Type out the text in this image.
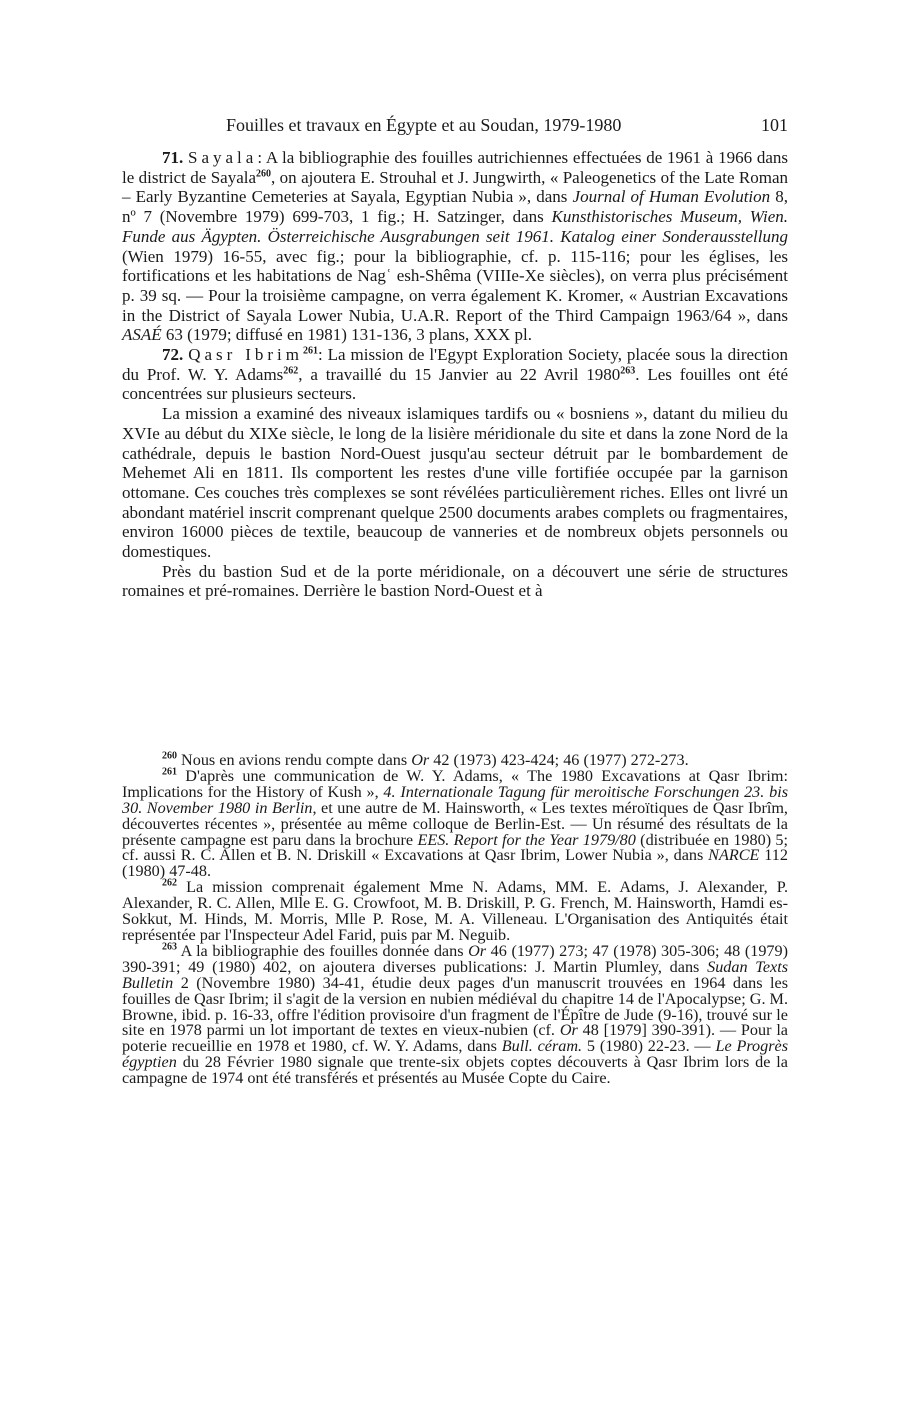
Fouilles et travaux en Égypte et au Soudan, 1979-1980	101

71. Sayala: A la bibliographie des fouilles autrichiennes effectuées de 1961 à 1966 dans le district de Sayala$^{260}$, on ajoutera E. Strouhal et J. Jungwirth, « Paleogenetics of the Late Roman – Early Byzantine Cemeteries at Sayala, Egyptian Nubia », dans Journal of Human Evolution 8, nº 7 (Novembre 1979) 699-703, 1 fig.; H. Satzinger, dans Kunsthistorisches Museum, Wien. Funde aus Ägypten. Österreichische Ausgrabungen seit 1961. Katalog einer Sonderausstellung (Wien 1979) 16-55, avec fig.; pour la bibliographie, cf. p. 115-116; pour les églises, les fortifications et les habitations de Nagʿ esh-Shêma (VIIIe-Xe siècles), on verra plus précisément p. 39 sq. — Pour la troisième campagne, on verra également K. Kromer, « Austrian Excavations in the District of Sayala Lower Nubia, U.A.R. Report of the Third Campaign 1963/64 », dans ASAÉ 63 (1979; diffusé en 1981) 131-136, 3 plans, XXX pl.

72. Qasr Ibrim$^{261}$: La mission de l'Egypt Exploration Society, placée sous la direction du Prof. W. Y. Adams$^{262}$, a travaillé du 15 Janvier au 22 Avril 1980$^{263}$. Les fouilles ont été concentrées sur plusieurs secteurs.

La mission a examiné des niveaux islamiques tardifs ou « bosniens », datant du milieu du XVIe au début du XIXe siècle, le long de la lisière méridionale du site et dans la zone Nord de la cathédrale, depuis le bastion Nord-Ouest jusqu'au secteur détruit par le bombardement de Mehemet Ali en 1811. Ils comportent les restes d'une ville fortifiée occupée par la garnison ottomane. Ces couches très complexes se sont révélées particulièrement riches. Elles ont livré un abondant matériel inscrit comprenant quelque 2500 documents arabes complets ou fragmentaires, environ 16000 pièces de textile, beaucoup de vanneries et de nombreux objets personnels ou domestiques.

Près du bastion Sud et de la porte méridionale, on a découvert une série de structures romaines et pré-romaines. Derrière le bastion Nord-Ouest et à

$^{260}$ Nous en avions rendu compte dans Or 42 (1973) 423-424; 46 (1977) 272-273.

$^{261}$ D'après une communication de W. Y. Adams, « The 1980 Excavations at Qasr Ibrim: Implications for the History of Kush », 4. Internationale Tagung für meroitische Forschungen 23. bis 30. November 1980 in Berlin, et une autre de M. Hainsworth, « Les textes méroïtiques de Qasr Ibrîm, découvertes récentes », présentée au même colloque de Berlin-Est. — Un résumé des résultats de la présente campagne est paru dans la brochure EES. Report for the Year 1979/80 (distribuée en 1980) 5; cf. aussi R. C. Allen et B. N. Driskill « Excavations at Qasr Ibrim, Lower Nubia », dans NARCE 112 (1980) 47-48.

$^{262}$ La mission comprenait également Mme N. Adams, MM. E. Adams, J. Alexander, P. Alexander, R. C. Allen, Mlle E. G. Crowfoot, M. B. Driskill, P. G. French, M. Hainsworth, Hamdi es-Sokkut, M. Hinds, M. Morris, Mlle P. Rose, M. A. Villeneau. L'Organisation des Antiquités était représentée par l'Inspecteur Adel Farid, puis par M. Neguib.

$^{263}$ A la bibliographie des fouilles donnée dans Or 46 (1977) 273; 47 (1978) 305-306; 48 (1979) 390-391; 49 (1980) 402, on ajoutera diverses publications: J. Martin Plumley, dans Sudan Texts Bulletin 2 (Novembre 1980) 34-41, étudie deux pages d'un manuscrit trouvées en 1964 dans les fouilles de Qasr Ibrim; il s'agit de la version en nubien médiéval du chapitre 14 de l'Apocalypse; G. M. Browne, ibid. p. 16-33, offre l'édition provisoire d'un fragment de l'Épître de Jude (9-16), trouvé sur le site en 1978 parmi un lot important de textes en vieux-nubien (cf. Or 48 [1979] 390-391). — Pour la poterie recueillie en 1978 et 1980, cf. W. Y. Adams, dans Bull. céram. 5 (1980) 22-23. — Le Progrès égyptien du 28 Février 1980 signale que trente-six objets coptes découverts à Qasr Ibrim lors de la campagne de 1974 ont été transférés et présentés au Musée Copte du Caire.
